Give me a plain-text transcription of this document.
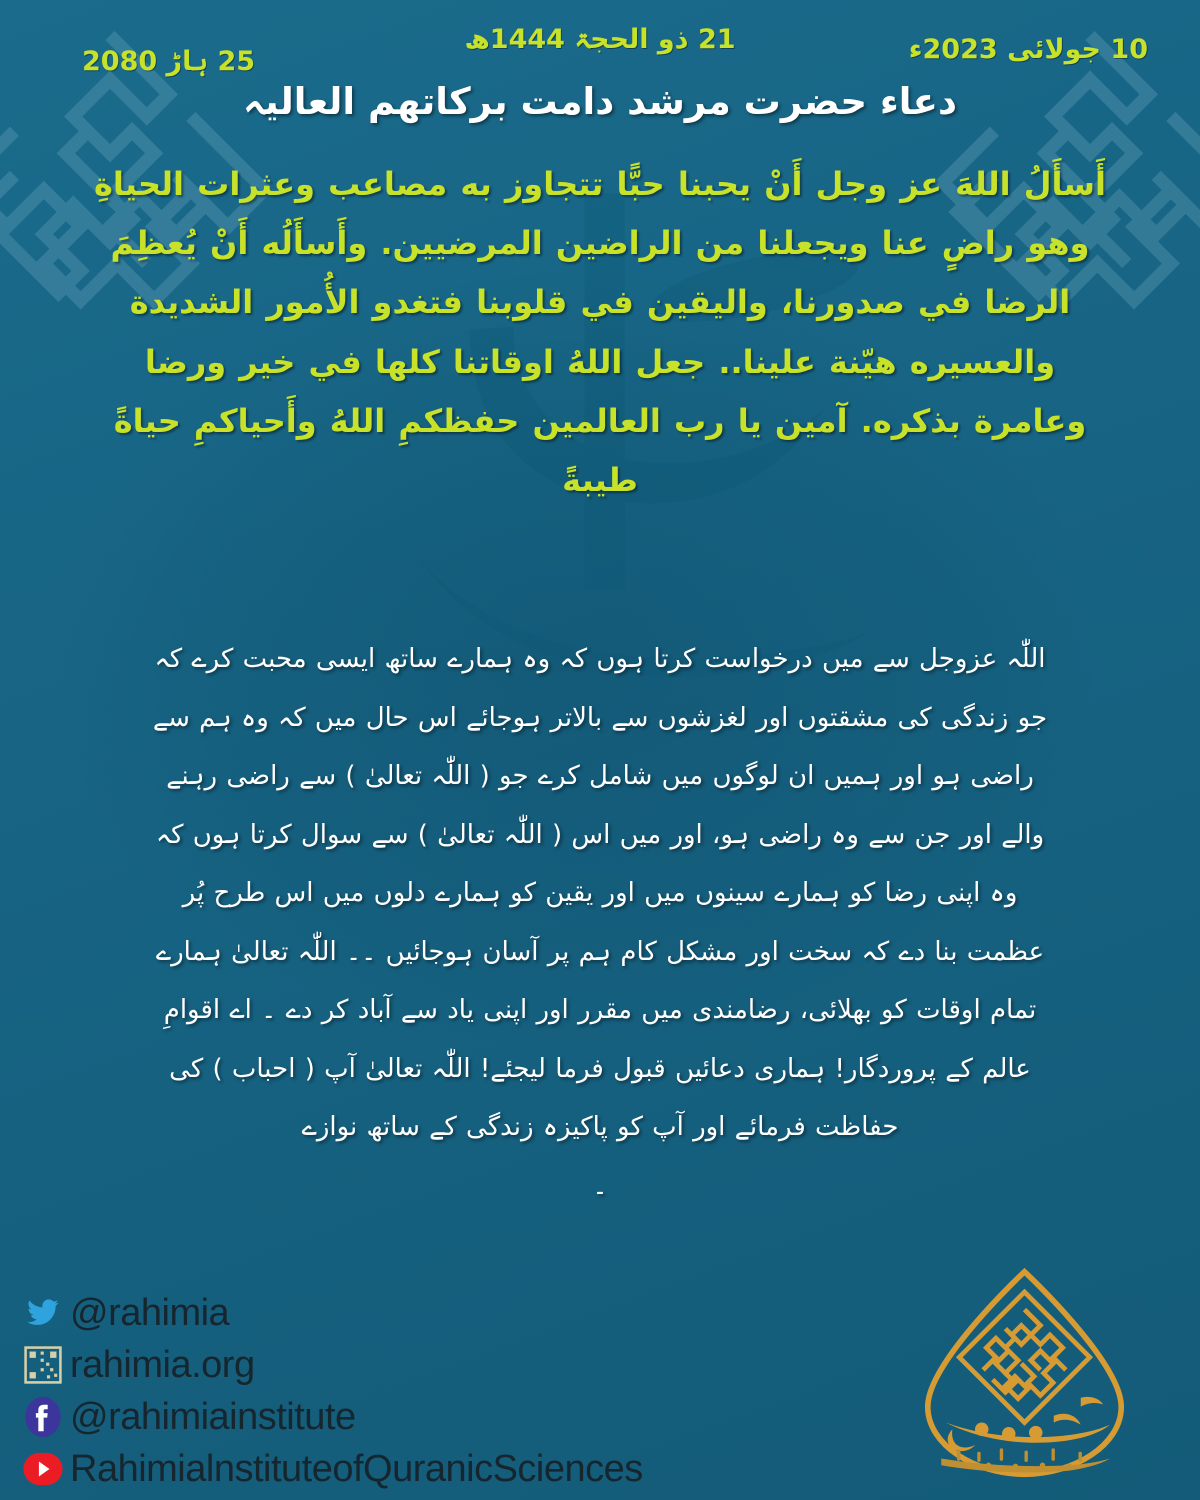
25 ہاڑ 2080
21 ذو الحجۃ 1444ھ	10 جولائی 2023ء
دعاء حضرت مرشد دامت برکاتھم العالیہ
أَسأَلُ اللهَ عز وجل أَنْ يحبنا حبًّا تتجاوز به مصاعب وعثرات الحياةِ وهو راضٍ عنا ويجعلنا من الراضين المرضيين. وأَسأَلُه أَنْ يُعظِمَ الرضا في صدورنا، واليقين في قلوبنا فتغدو الأُمور الشديدة والعسيره هيّنة علينا.. جعل اللهُ اوقاتنا كلها في خير ورضا وعامرة بذكره. آمين يا رب العالمين حفظكمِ اللهُ وأَحياكمِ حياةً طيبةً
اللّٰہ عزوجل سے میں درخواست کرتا ہوں کہ وہ ہمارے ساتھ ایسی محبت کرے کہ جو زندگی کی مشقتوں اور لغزشوں سے بالاتر ہوجائے اس حال میں کہ وہ ہم سے راضی ہو اور ہمیں ان لوگوں میں شامل کرے جو ( اللّٰہ تعالیٰ ) سے راضی رہنے والے اور جن سے وہ راضی ہو، اور میں اس ( اللّٰہ تعالیٰ ) سے سوال کرتا ہوں کہ وہ اپنی رضا کو ہمارے سینوں میں اور یقین کو ہمارے دلوں میں اس طرح پُر عظمت بنا دے کہ سخت اور مشکل کام ہم پر آسان ہوجائیں ۔۔ اللّٰہ تعالیٰ ہمارے تمام اوقات کو بھلائی، رضامندی میں مقرر اور اپنی یاد سے آباد کر دے ۔ اے اقوامِ عالم کے پروردگار! ہماری دعائیں قبول فرما لیجئے! اللّٰہ تعالیٰ آپ ( احباب ) کی حفاظت فرمائے اور آپ کو پاکیزہ زندگی کے ساتھ نوازے
۔
@rahimia
rahimia.org
@rahimiainstitute
RahimialnstituteofQuranicSciences
